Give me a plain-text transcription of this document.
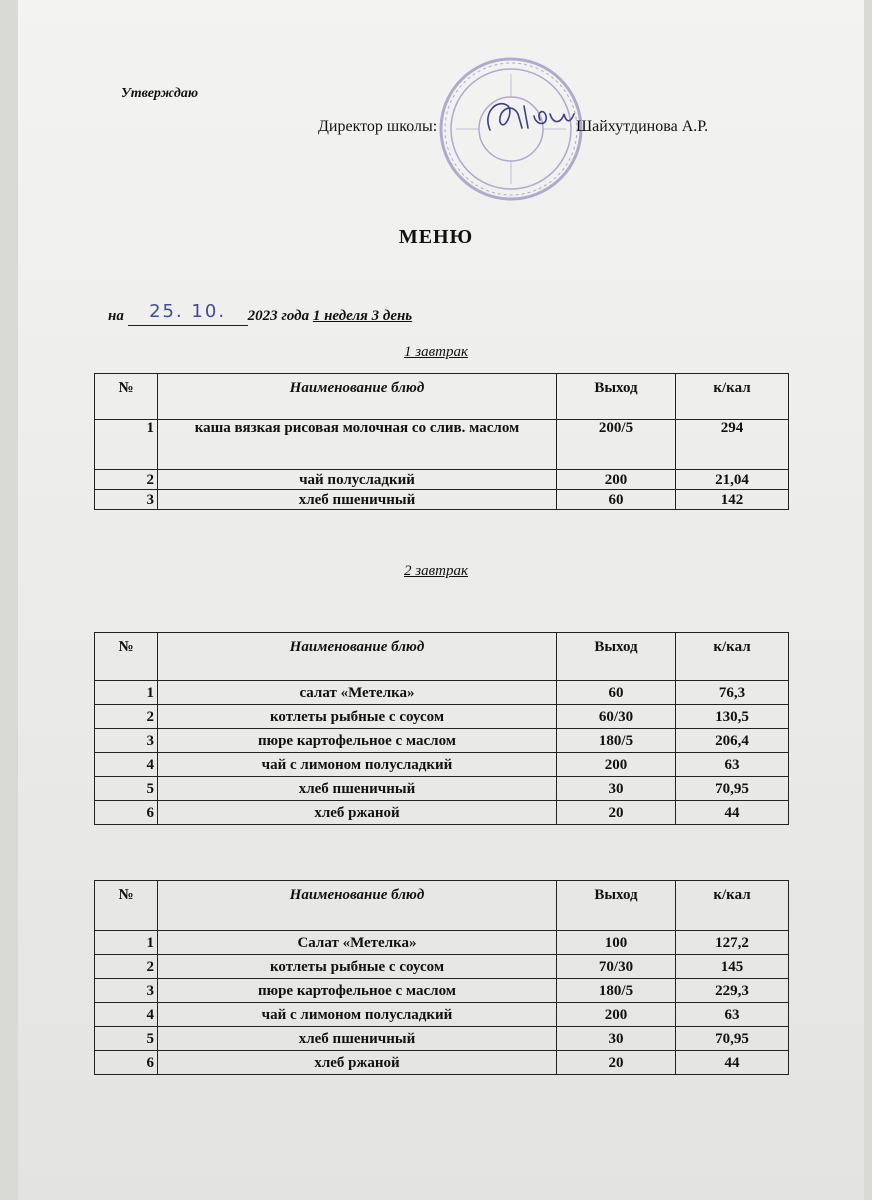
Утверждаю
Директор школы:	Шайхутдинова А.Р.
МЕНЮ
на 25. 10. 2023 года 1 неделя 3 день
1 завтрак
№	Наименование блюд	Выход	к/кал
1	каша вязкая рисовая молочная со слив. маслом	200/5	294
2	чай полусладкий	200	21,04
3	хлеб пшеничный	60	142
2 завтрак
№	Наименование блюд	Выход	к/кал
1	салат «Метелка»	60	76,3
2	котлеты рыбные с соусом	60/30	130,5
3	пюре картофельное с маслом	180/5	206,4
4	чай с лимоном полусладкий	200	63
5	хлеб пшеничный	30	70,95
6	хлеб ржаной	20	44
№	Наименование блюд	Выход	к/кал
1	Салат «Метелка»	100	127,2
2	котлеты рыбные с соусом	70/30	145
3	пюре картофельное с маслом	180/5	229,3
4	чай с лимоном полусладкий	200	63
5	хлеб пшеничный	30	70,95
6	хлеб ржаной	20	44
